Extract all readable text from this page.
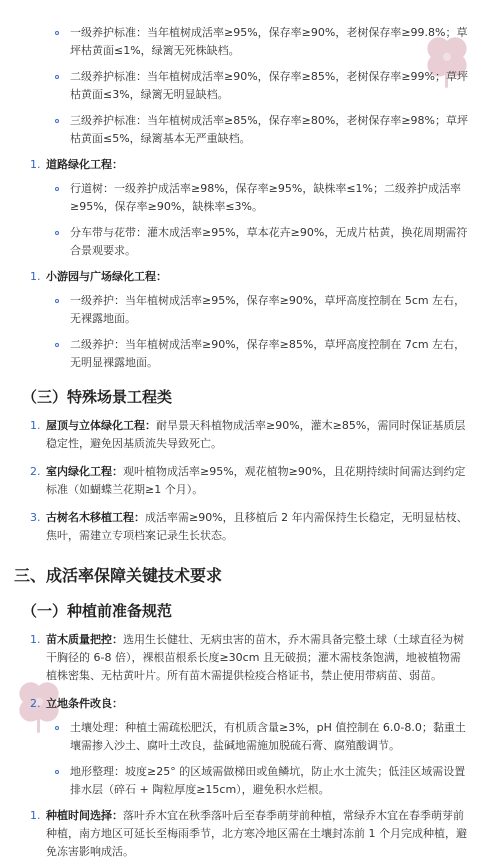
一级养护标准：当年植树成活率≥95%，保存率≥90%，老树保存率≥99.8%；草坪枯黄面≤1%，绿篱无死株缺档。
二级养护标准：当年植树成活率≥90%，保存率≥85%，老树保存率≥99%；草坪枯黄面≤3%，绿篱无明显缺档。
三级养护标准：当年植树成活率≥85%，保存率≥80%，老树保存率≥98%；草坪枯黄面≤5%，绿篱基本无严重缺档。
1. 道路绿化工程：
行道树：一级养护成活率≥98%，保存率≥95%，缺株率≤1%；二级养护成活率≥95%，保存率≥90%，缺株率≤3%。
分车带与花带：灌木成活率≥95%，草本花卉≥90%，无成片枯黄，换花周期需符合景观要求。
1. 小游园与广场绿化工程：
一级养护：当年植树成活率≥95%，保存率≥90%，草坪高度控制在 5cm 左右，无裸露地面。
二级养护：当年植树成活率≥90%，保存率≥85%，草坪高度控制在 7cm 左右，无明显裸露地面。
（三）特殊场景工程类
1. 屋顶与立体绿化工程：耐旱景天科植物成活率≥90%，灌木≥85%，需同时保证基质层稳定性，避免因基质流失导致死亡。
2. 室内绿化工程：观叶植物成活率≥95%，观花植物≥90%，且花期持续时间需达到约定标准（如蝴蝶兰花期≥1 个月）。
3. 古树名木移植工程：成活率需≥90%，且移植后 2 年内需保持生长稳定，无明显枯枝、焦叶，需建立专项档案记录生长状态。
三、成活率保障关键技术要求
（一）种植前准备规范
1. 苗木质量把控：选用生长健壮、无病虫害的苗木，乔木需具备完整土球（土球直径为树干胸径的 6-8 倍），裸根苗根系长度≥30cm 且无破损；灌木需枝条饱满，地被植物需植株密集、无枯黄叶片。所有苗木需提供检疫合格证书，禁止使用带病苗、弱苗。
2. 立地条件改良：
土壤处理：种植土需疏松肥沃，有机质含量≥3%，pH 值控制在 6.0-8.0；黏重土壤需掺入沙土、腐叶土改良，盐碱地需施加脱硫石膏、腐殖酸调节。
地形整理：坡度≥25° 的区域需做梯田或鱼鳞坑，防止水土流失；低洼区域需设置排水层（碎石 + 陶粒厚度≥15cm），避免积水烂根。
1. 种植时间选择：落叶乔木宜在秋季落叶后至春季萌芽前种植，常绿乔木宜在春季萌芽前种植，南方地区可延长至梅雨季节，北方寒冷地区需在土壤封冻前 1 个月完成种植，避免冻害影响成活。
